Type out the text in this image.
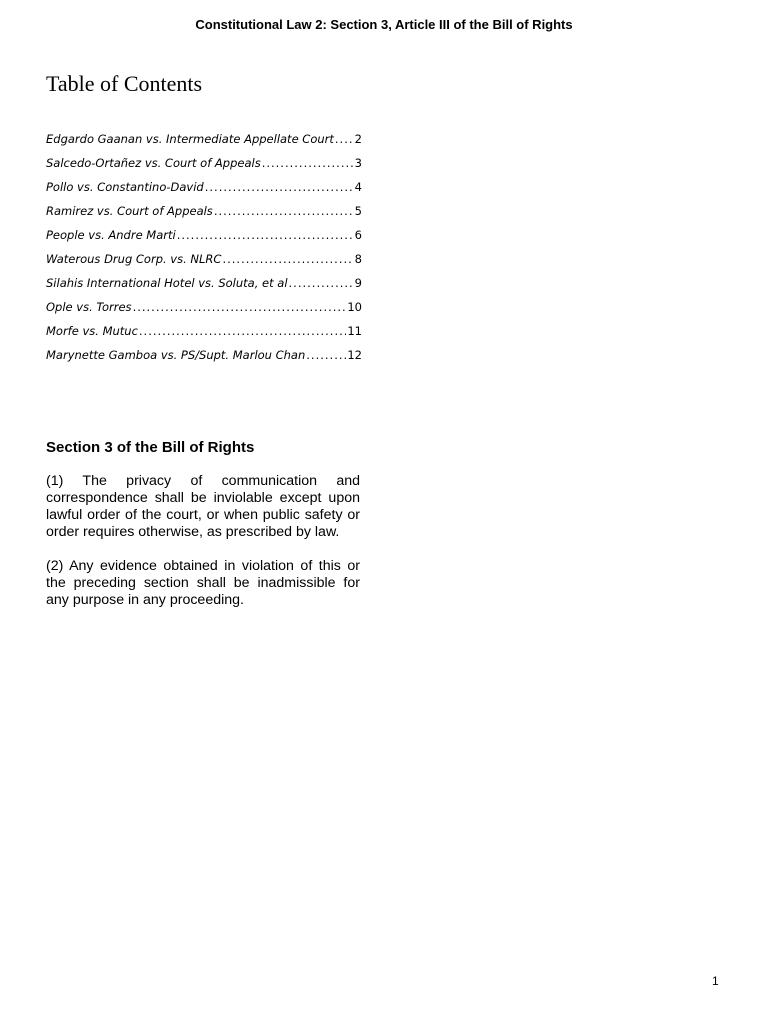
Constitutional Law 2: Section 3, Article III of the Bill of Rights
Table of Contents
Edgardo Gaanan vs. Intermediate Appellate Court ..... 2
Salcedo-Ortañez vs. Court of Appeals .....	3
Pollo vs. Constantino-David .....	4
Ramirez vs. Court of Appeals .....	5
People vs. Andre Marti .....	6
Waterous Drug Corp. vs. NLRC .....	8
Silahis International Hotel vs. Soluta, et al .....	9
Ople vs. Torres .....	10
Morfe vs. Mutuc .....	11
Marynette Gamboa vs. PS/Supt. Marlou Chan .....	12
Section 3 of the Bill of Rights

(1) The privacy of communication and correspondence shall be inviolable except upon lawful order of the court, or when public safety or order requires otherwise, as prescribed by law.

(2) Any evidence obtained in violation of this or the preceding section shall be inadmissible for any purpose in any proceeding.

1
